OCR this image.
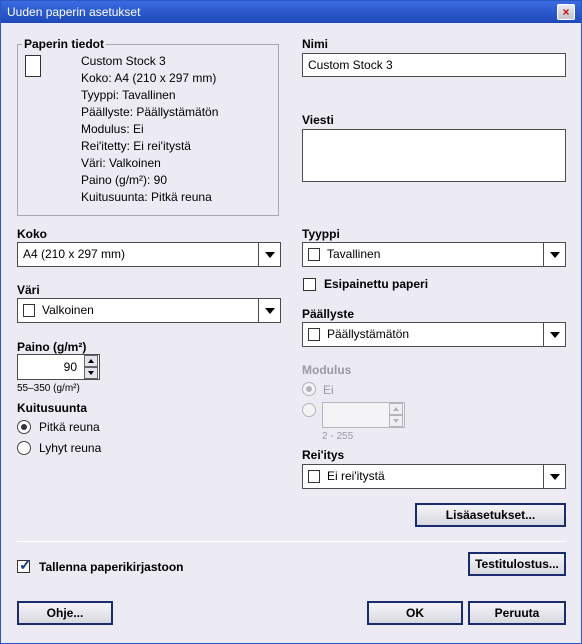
Uuden paperin asetukset	×
Paperin tiedot
Custom Stock 3
Koko: A4 (210 x 297 mm)
Tyyppi: Tavallinen
Päällyste: Päällystämätön
Modulus: Ei
Rei'itetty: Ei rei'itystä
Väri: Valkoinen
Paino (g/m²): 90
Kuitusuunta: Pitkä reuna
Nimi
Custom Stock 3
Viesti
Koko
A4 (210 x 297 mm)
Tyyppi
Tavallinen
Esipainettu paperi
Väri
Valkoinen	Päällyste
Päällystämätön
Paino (g/m²)
90
55–350 (g/m²)
Kuitusuunta
Pitkä reuna
Lyhyt reuna
Modulus
Ei
2 - 255
Rei'itys
Ei rei'itystä
Lisäasetukset...
✓ Tallenna paperikirjastoon	Testitulostus...
Ohje...	OK	Peruuta
